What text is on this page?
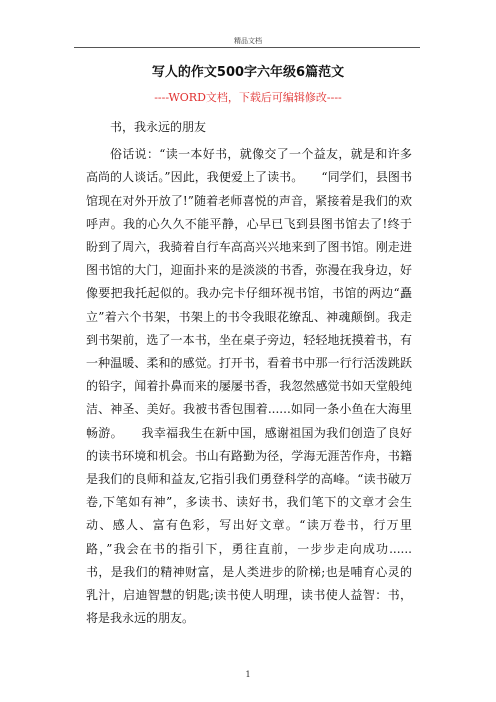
精品文档
写人的作文500字六年级6篇范文
----WORD文档，下载后可编辑修改----

书，我永远的朋友

俗话说：“读一本好书，就像交了一个益友，就是和许多高尚的人谈话。”因此，我便爱上了读书。　　“同学们，县图书馆现在对外开放了!”随着老师喜悦的声音，紧接着是我们的欢呼声。我的心久久不能平静，心早已飞到县图书馆去了!终于盼到了周六，我骑着自行车高高兴兴地来到了图书馆。刚走进图书馆的大门，迎面扑来的是淡淡的书香，弥漫在我身边，好像要把我托起似的。我办完卡仔细环视书馆，书馆的两边“矗立”着六个书架，书架上的书令我眼花缭乱、神魂颠倒。我走到书架前，选了一本书，坐在桌子旁边，轻轻地抚摸着书，有一种温暖、柔和的感觉。打开书，看着书中那一行行活泼跳跃的铅字，闻着扑鼻而来的屡屡书香，我忽然感觉书如天堂般纯洁、神圣、美好。我被书香包围着......如同一条小鱼在大海里畅游。　　我幸福我生在新中国，感谢祖国为我们创造了良好的读书环境和机会。书山有路勤为径，学海无涯苦作舟，书籍是我们的良师和益友,它指引我们勇登科学的高峰。“读书破万卷,下笔如有神”，多读书、读好书，我们笔下的文章才会生动、感人、富有色彩，写出好文章。“读万卷书，行万里路，”我会在书的指引下，勇往直前，一步步走向成功......　　书，是我们的精神财富，是人类进步的阶梯;也是哺育心灵的乳汁，启迪智慧的钥匙;读书使人明理，读书使人益智：书，将是我永远的朋友。

1
